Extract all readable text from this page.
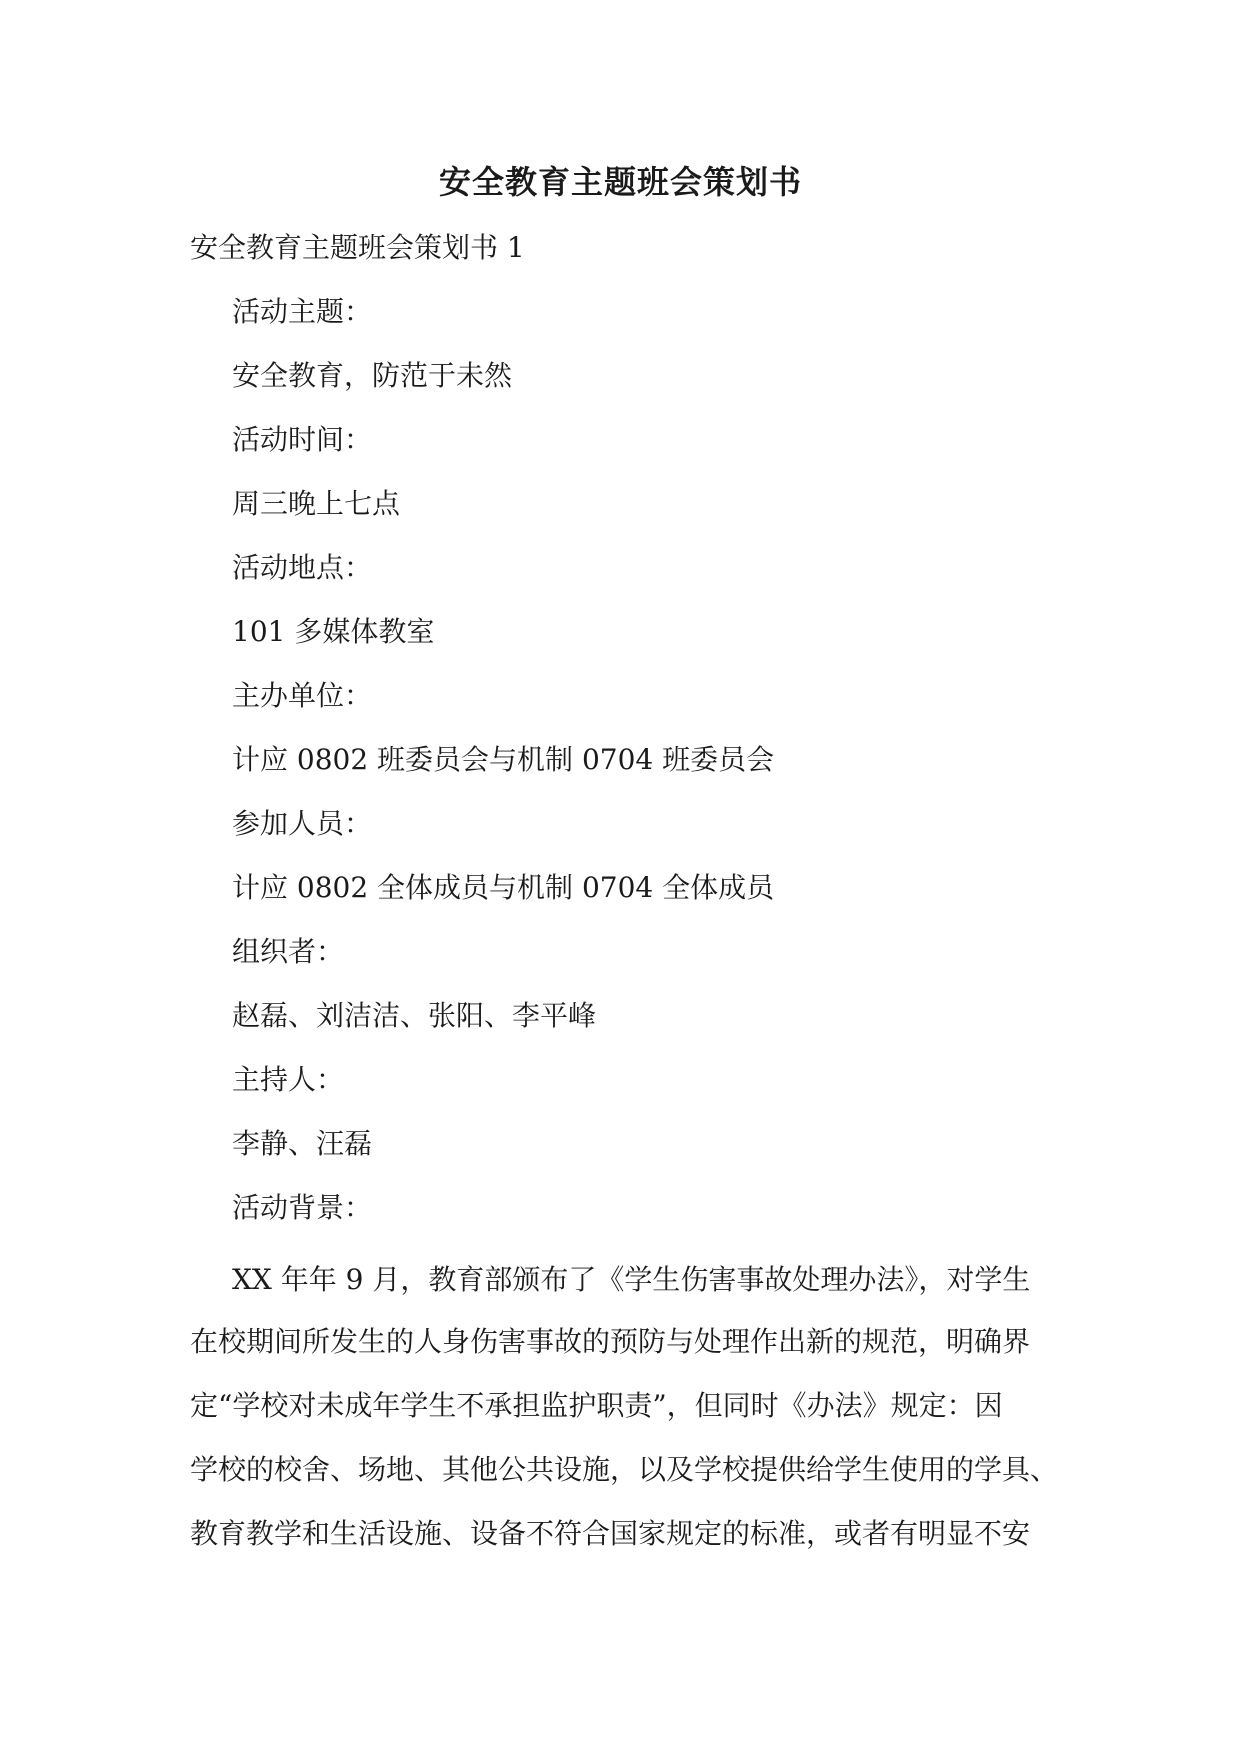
安全教育主题班会策划书
安全教育主题班会策划书 1
活动主题：
安全教育，防范于未然
活动时间：
周三晚上七点
活动地点：
101 多媒体教室
主办单位：
计应 0802 班委员会与机制 0704 班委员会
参加人员：
计应 0802 全体成员与机制 0704 全体成员
组织者：
赵磊、刘洁洁、张阳、李平峰
主持人：
李静、汪磊
活动背景：
XX 年年 9 月，教育部颁布了《学生伤害事故处理办法》，对学生
在校期间所发生的人身伤害事故的预防与处理作出新的规范，明确界
定“学校对未成年学生不承担监护职责”，但同时《办法》规定：因
学校的校舍、场地、其他公共设施，以及学校提供给学生使用的学具、
教育教学和生活设施、设备不符合国家规定的标准，或者有明显不安
